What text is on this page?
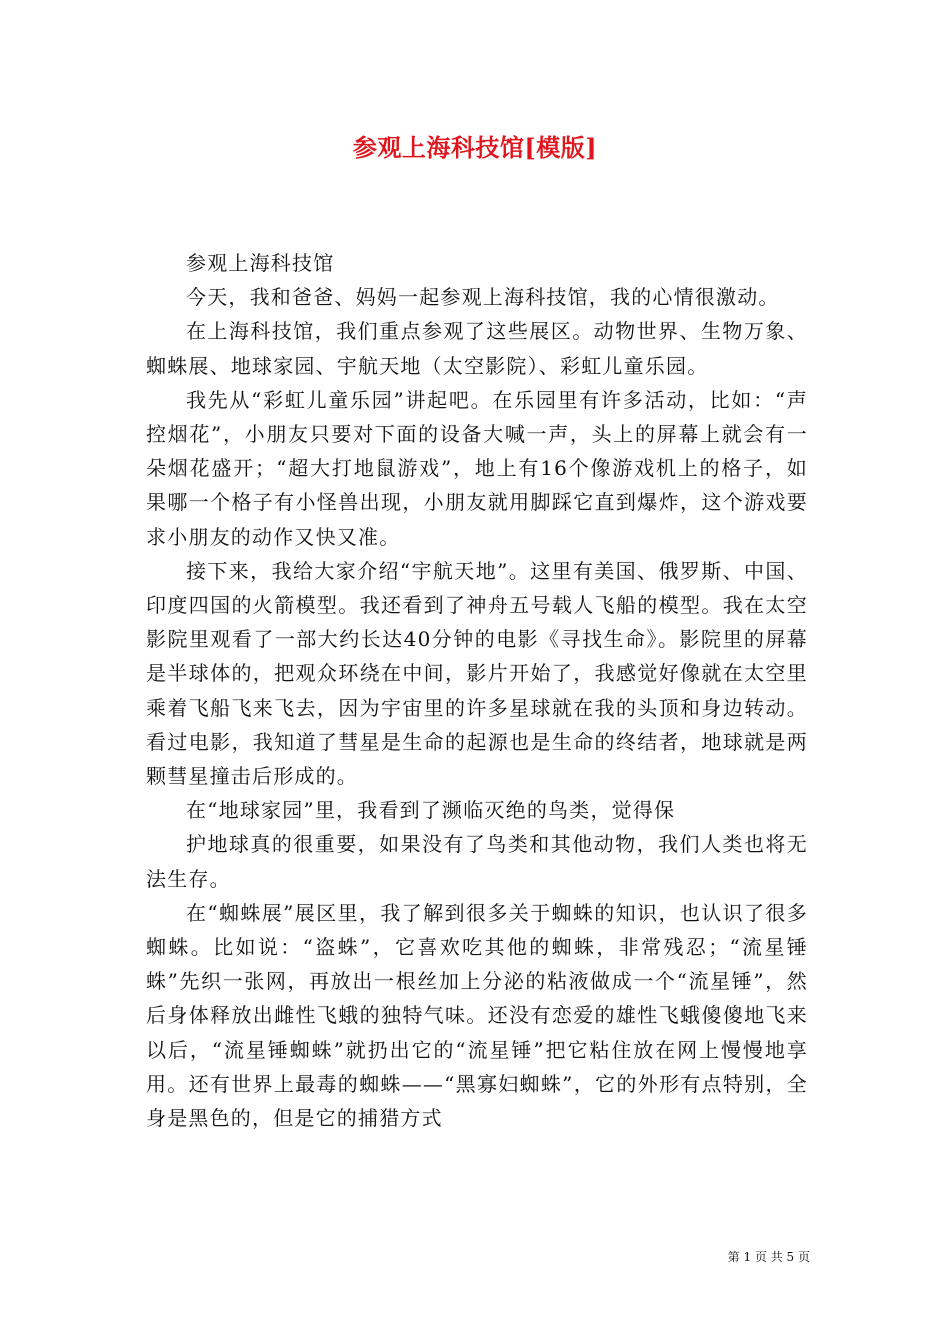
参观上海科技馆[模版]

参观上海科技馆

今天，我和爸爸、妈妈一起参观上海科技馆，我的心情很激动。

在上海科技馆，我们重点参观了这些展区。动物世界、生物万象、蜘蛛展、地球家园、宇航天地（太空影院）、彩虹儿童乐园。

我先从“彩虹儿童乐园”讲起吧。在乐园里有许多活动，比如：“声控烟花”，小朋友只要对下面的设备大喊一声，头上的屏幕上就会有一朵烟花盛开；“超大打地鼠游戏”，地上有16个像游戏机上的格子，如果哪一个格子有小怪兽出现，小朋友就用脚踩它直到爆炸，这个游戏要求小朋友的动作又快又准。

接下来，我给大家介绍“宇航天地”。这里有美国、俄罗斯、中国、印度四国的火箭模型。我还看到了神舟五号载人飞船的模型。我在太空影院里观看了一部大约长达40分钟的电影《寻找生命》。影院里的屏幕是半球体的，把观众环绕在中间，影片开始了，我感觉好像就在太空里乘着飞船飞来飞去，因为宇宙里的许多星球就在我的头顶和身边转动。看过电影，我知道了彗星是生命的起源也是生命的终结者，地球就是两颗彗星撞击后形成的。

在“地球家园”里，我看到了濒临灭绝的鸟类，觉得保

护地球真的很重要，如果没有了鸟类和其他动物，我们人类也将无法生存。

在“蜘蛛展”展区里，我了解到很多关于蜘蛛的知识，也认识了很多蜘蛛。比如说：“盗蛛”，它喜欢吃其他的蜘蛛，非常残忍；“流星锤蛛”先织一张网，再放出一根丝加上分泌的粘液做成一个“流星锤”，然后身体释放出雌性飞蛾的独特气味。还没有恋爱的雄性飞蛾傻傻地飞来以后，“流星锤蜘蛛”就扔出它的“流星锤”把它粘住放在网上慢慢地享用。还有世界上最毒的蜘蛛——“黑寡妇蜘蛛”，它的外形有点特别，全身是黑色的，但是它的捕猎方式

第 1 页 共 5 页
